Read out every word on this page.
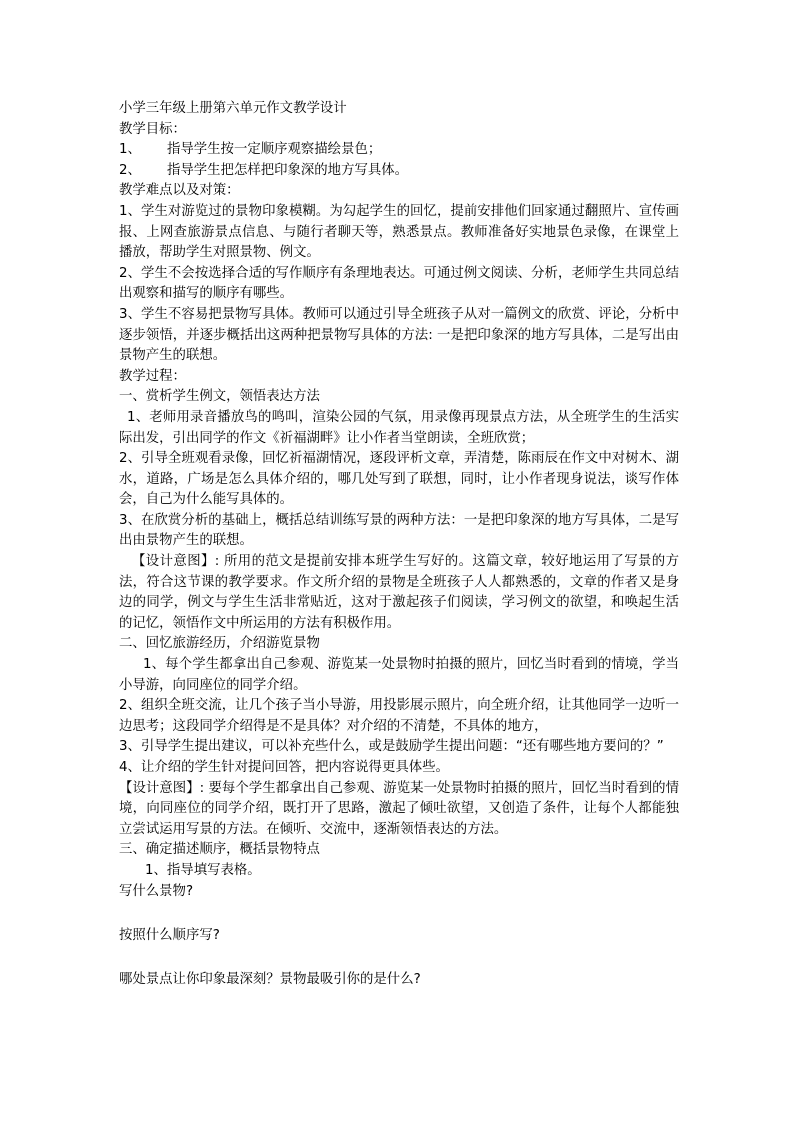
小学三年级上册第六单元作文教学设计

教学目标：

1、	指导学生按一定顺序观察描绘景色；
2、	指导学生把怎样把印象深的地方写具体。

教学难点以及对策：

1、学生对游览过的景物印象模糊。为勾起学生的回忆，提前安排他们回家通过翻照片、宣传画报、上网查旅游景点信息、与随行者聊天等，熟悉景点。教师准备好实地景色录像，在课堂上播放，帮助学生对照景物、例文。

2、学生不会按选择合适的写作顺序有条理地表达。可通过例文阅读、分析，老师学生共同总结出观察和描写的顺序有哪些。

3、学生不容易把景物写具体。教师可以通过引导全班孩子从对一篇例文的欣赏、评论，分析中逐步领悟，并逐步概括出这两种把景物写具体的方法: 一是把印象深的地方写具体，二是写出由景物产生的联想。

教学过程：

一、赏析学生例文，领悟表达方法

1、老师用录音播放鸟的鸣叫，渲染公园的气氛，用录像再现景点方法，从全班学生的生活实际出发，引出同学的作文《祈福湖畔》让小作者当堂朗读，全班欣赏；

2、引导全班观看录像，回忆祈福湖情况，逐段评析文章，弄清楚，陈雨辰在作文中对树木、湖水，道路，广场是怎么具体介绍的，哪几处写到了联想，同时，让小作者现身说法，谈写作体会，自己为什么能写具体的。

3、在欣赏分析的基础上，概括总结训练写景的两种方法：一是把印象深的地方写具体，二是写出由景物产生的联想。

【设计意图】: 所用的范文是提前安排本班学生写好的。这篇文章，较好地运用了写景的方法，符合这节课的教学要求。作文所介绍的景物是全班孩子人人都熟悉的，文章的作者又是身边的同学，例文与学生生活非常贴近，这对于激起孩子们阅读，学习例文的欲望，和唤起生活的记忆，领悟作文中所运用的方法有积极作用。

二、回忆旅游经历，介绍游览景物

1、每个学生都拿出自己参观、游览某一处景物时拍摄的照片，回忆当时看到的情境，学当小导游，向同座位的同学介绍。

2、组织全班交流，让几个孩子当小导游，用投影展示照片，向全班介绍，让其他同学一边听一边思考；这段同学介绍得是不是具体？对介绍的不清楚，不具体的地方，

3、引导学生提出建议，可以补充些什么，或是鼓励学生提出问题：“还有哪些地方要问的？”

4、让介绍的学生针对提问回答，把内容说得更具体些。

【设计意图】: 要每个学生都拿出自己参观、游览某一处景物时拍摄的照片，回忆当时看到的情境，向同座位的同学介绍，既打开了思路，激起了倾吐欲望，又创造了条件，让每个人都能独立尝试运用写景的方法。在倾听、交流中，逐渐领悟表达的方法。

三、确定描述顺序，概括景物特点

1、指导填写表格。

写什么景物?

按照什么顺序写?

哪处景点让你印象最深刻？景物最吸引你的是什么?
